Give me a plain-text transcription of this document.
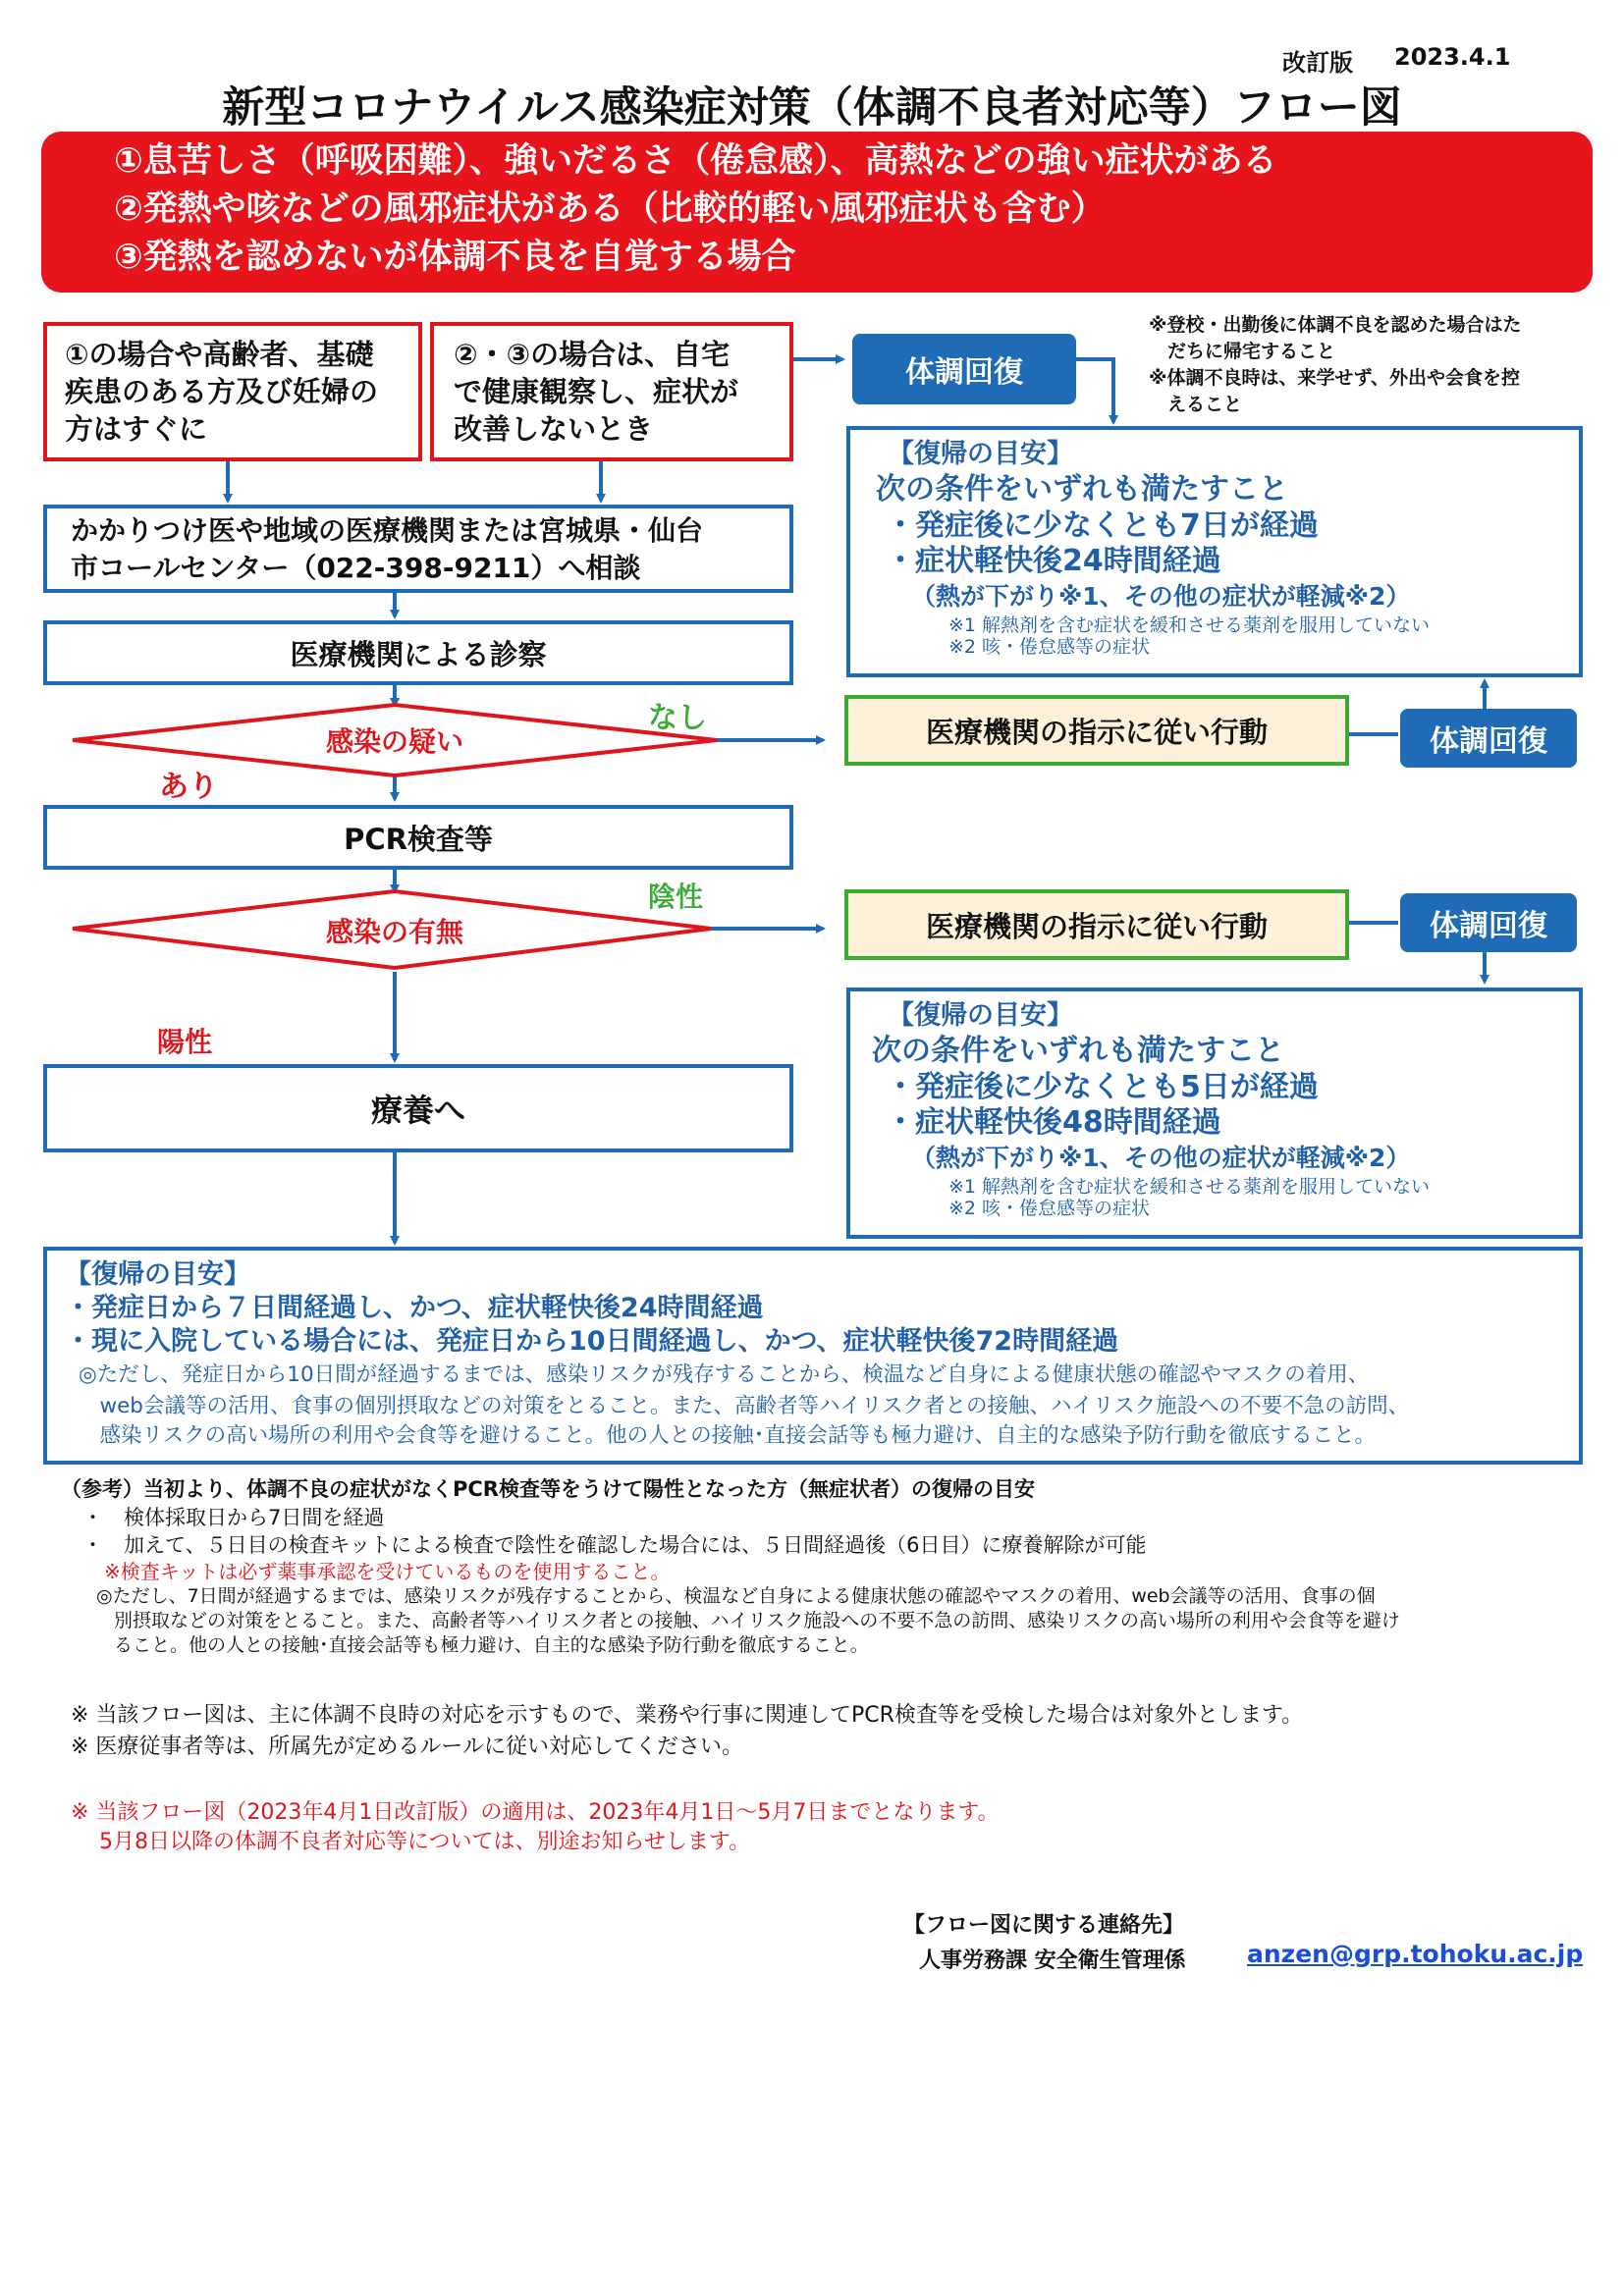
改訂版 2023.4.1
新型コロナウイルス感染症対策（体調不良者対応等）フロー図
①息苦しさ（呼吸困難）、強いだるさ（倦怠感）、高熱などの強い症状がある
②発熱や咳などの風邪症状がある（比較的軽い風邪症状も含む）
③発熱を認めないが体調不良を自覚する場合
①の場合や高齢者、基礎
疾患のある方及び妊婦の
方はすぐに
②・③の場合は、自宅
で健康観察し、症状が
改善しないとき
体調回復
※登校・出勤後に体調不良を認めた場合はた
　だちに帰宅すること
※体調不良時は、来学せず、外出や会食を控
　えること
【復帰の目安】
次の条件をいずれも満たすこと
・発症後に少なくとも7日が経過
・症状軽快後24時間経過
（熱が下がり※1、その他の症状が軽減※2）
※1 解熱剤を含む症状を緩和させる薬剤を服用していない
※2 咳・倦怠感等の症状
かかりつけ医や地域の医療機関または宮城県・仙台
市コールセンター（022-398-9211）へ相談
医療機関による診察
感染の疑い
なし
あり
医療機関の指示に従い行動	体調回復
PCR検査等
感染の有無
陰性
陽性
医療機関の指示に従い行動	体調回復
【復帰の目安】
次の条件をいずれも満たすこと
・発症後に少なくとも5日が経過
・症状軽快後48時間経過
（熱が下がり※1、その他の症状が軽減※2）
※1 解熱剤を含む症状を緩和させる薬剤を服用していない
※2 咳・倦怠感等の症状
療養へ
【復帰の目安】
・発症日から７日間経過し、かつ、症状軽快後24時間経過
・現に入院している場合には、発症日から10日間経過し、かつ、症状軽快後72時間経過
◎ただし、発症日から10日間が経過するまでは、感染リスクが残存することから、検温など自身による健康状態の確認やマスクの着用、
　web会議等の活用、食事の個別摂取などの対策をとること。また、高齢者等ハイリスク者との接触、ハイリスク施設への不要不急の訪問、
　感染リスクの高い場所の利用や会食等を避けること。他の人との接触･直接会話等も極力避け、自主的な感染予防行動を徹底すること。
（参考）当初より、体調不良の症状がなくPCR検査等をうけて陽性となった方（無症状者）の復帰の目安
・　検体採取日から7日間を経過
・　加えて、５日目の検査キットによる検査で陰性を確認した場合には、５日間経過後（6日目）に療養解除が可能
※検査キットは必ず薬事承認を受けているものを使用すること。
◎ただし、7日間が経過するまでは、感染リスクが残存することから、検温など自身による健康状態の確認やマスクの着用、web会議等の活用、食事の個
別摂取などの対策をとること。また、高齢者等ハイリスク者との接触、ハイリスク施設への不要不急の訪問、感染リスクの高い場所の利用や会食等を避け
ること。他の人との接触･直接会話等も極力避け、自主的な感染予防行動を徹底すること。
※ 当該フロー図は、主に体調不良時の対応を示すもので、業務や行事に関連してPCR検査等を受検した場合は対象外とします。
※ 医療従事者等は、所属先が定めるルールに従い対応してください。
※ 当該フロー図（2023年4月1日改訂版）の適用は、2023年4月1日～5月7日までとなります。
　 5月8日以降の体調不良者対応等については、別途お知らせします。
【フロー図に関する連絡先】
人事労務課 安全衛生管理係 anzen@grp.tohoku.ac.jp
